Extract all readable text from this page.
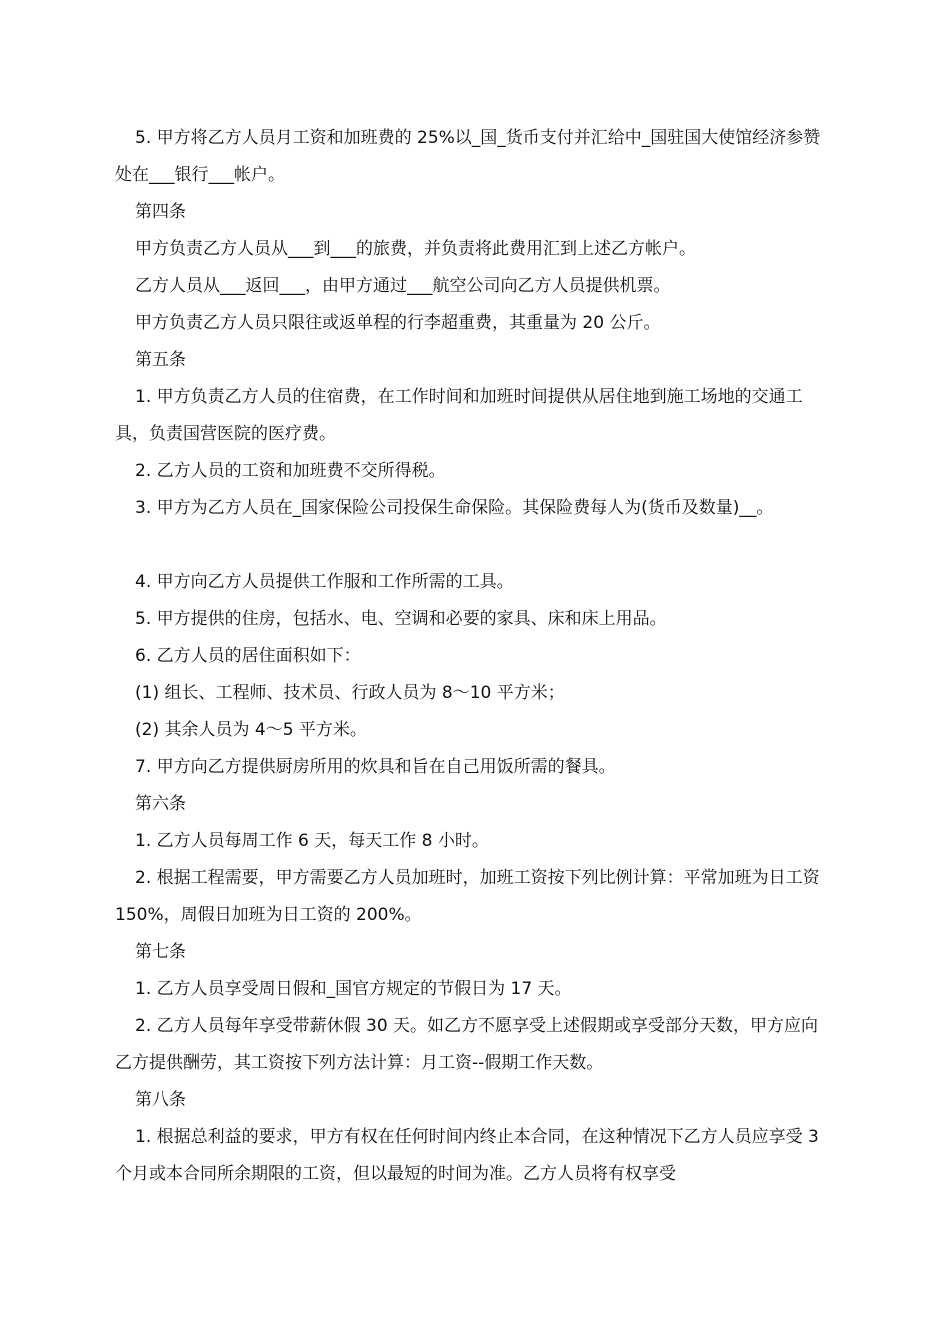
5. 甲方将乙方人员月工资和加班费的 25%以_国_货币支付并汇给中_国驻国大使馆经济参赞处在___银行___帐户。

第四条

甲方负责乙方人员从___到___的旅费，并负责将此费用汇到上述乙方帐户。

乙方人员从___返回___，由甲方通过___航空公司向乙方人员提供机票。

甲方负责乙方人员只限往或返单程的行李超重费，其重量为 20 公斤。

第五条

1. 甲方负责乙方人员的住宿费，在工作时间和加班时间提供从居住地到施工场地的交通工具，负责国营医院的医疗费。

2. 乙方人员的工资和加班费不交所得税。

3. 甲方为乙方人员在_国家保险公司投保生命保险。其保险费每人为(货币及数量)__。

4. 甲方向乙方人员提供工作服和工作所需的工具。

5. 甲方提供的住房，包括水、电、空调和必要的家具、床和床上用品。

6. 乙方人员的居住面积如下：

(1) 组长、工程师、技术员、行政人员为 8～10 平方米；

(2) 其余人员为 4～5 平方米。

7. 甲方向乙方提供厨房所用的炊具和旨在自己用饭所需的餐具。

第六条

1. 乙方人员每周工作 6 天，每天工作 8 小时。

2. 根据工程需要，甲方需要乙方人员加班时，加班工资按下列比例计算：平常加班为日工资 150%，周假日加班为日工资的 200%。

第七条

1. 乙方人员享受周日假和_国官方规定的节假日为 17 天。

2. 乙方人员每年享受带薪休假 30 天。如乙方不愿享受上述假期或享受部分天数，甲方应向乙方提供酬劳，其工资按下列方法计算：月工资--假期工作天数。

第八条

1. 根据总利益的要求，甲方有权在任何时间内终止本合同，在这种情况下乙方人员应享受 3 个月或本合同所余期限的工资，但以最短的时间为准。乙方人员将有权享受
